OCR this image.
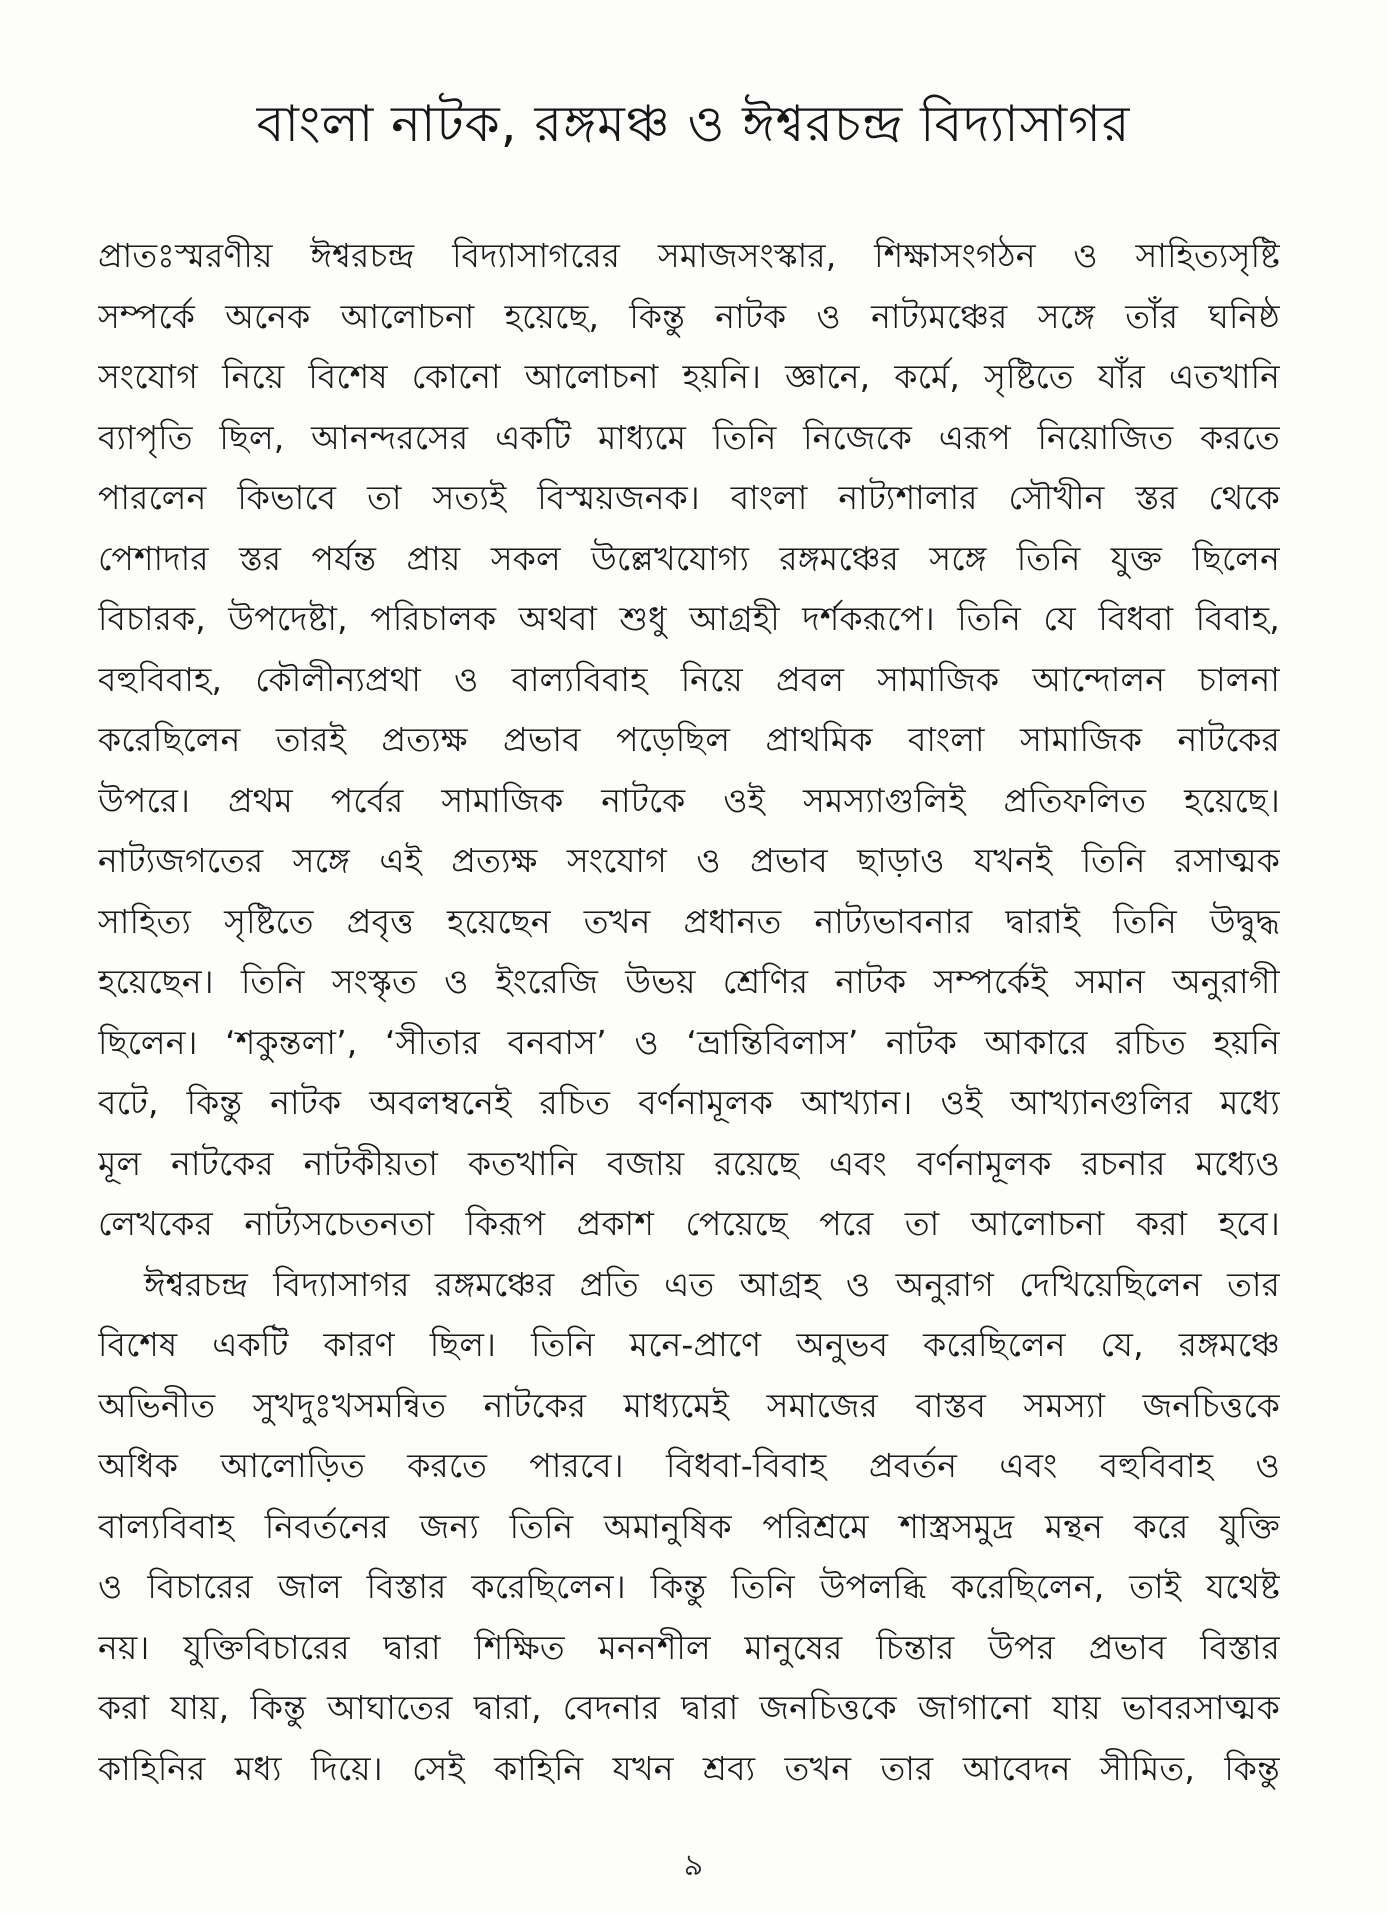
বাংলা নাটক, রঙ্গমঞ্চ ও ঈশ্বরচন্দ্র বিদ্যাসাগর
প্রাতঃস্মরণীয় ঈশ্বরচন্দ্র বিদ্যাসাগরের সমাজসংস্কার, শিক্ষাসংগঠন ও সাহিত্যসৃষ্টি
সম্পর্কে অনেক আলোচনা হয়েছে, কিন্তু নাটক ও নাট্যমঞ্চের সঙ্গে তাঁর ঘনিষ্ঠ
সংযোগ নিয়ে বিশেষ কোনো আলোচনা হয়নি। জ্ঞানে, কর্মে, সৃষ্টিতে যাঁর এতখানি
ব্যাপৃতি ছিল, আনন্দরসের একটি মাধ্যমে তিনি নিজেকে এরূপ নিয়োজিত করতে
পারলেন কিভাবে তা সত্যই বিস্ময়জনক। বাংলা নাট্যশালার সৌখীন স্তর থেকে
পেশাদার স্তর পর্যন্ত প্রায় সকল উল্লেখযোগ্য রঙ্গমঞ্চের সঙ্গে তিনি যুক্ত ছিলেন
বিচারক, উপদেষ্টা, পরিচালক অথবা শুধু আগ্রহী দর্শকরূপে। তিনি যে বিধবা বিবাহ,
বহুবিবাহ, কৌলীন্যপ্রথা ও বাল্যবিবাহ নিয়ে প্রবল সামাজিক আন্দোলন চালনা
করেছিলেন তারই প্রত্যক্ষ প্রভাব পড়েছিল প্রাথমিক বাংলা সামাজিক নাটকের
উপরে। প্রথম পর্বের সামাজিক নাটকে ওই সমস্যাগুলিই প্রতিফলিত হয়েছে।
নাট্যজগতের সঙ্গে এই প্রত্যক্ষ সংযোগ ও প্রভাব ছাড়াও যখনই তিনি রসাত্মক
সাহিত্য সৃষ্টিতে প্রবৃত্ত হয়েছেন তখন প্রধানত নাট্যভাবনার দ্বারাই তিনি উদ্বুদ্ধ
হয়েছেন। তিনি সংস্কৃত ও ইংরেজি উভয় শ্রেণির নাটক সম্পর্কেই সমান অনুরাগী
ছিলেন। ‘শকুন্তলা’, ‘সীতার বনবাস’ ও ‘ভ্রান্তিবিলাস’ নাটক আকারে রচিত হয়নি
বটে, কিন্তু নাটক অবলম্বনেই রচিত বর্ণনামূলক আখ্যান। ওই আখ্যানগুলির মধ্যে
মূল নাটকের নাটকীয়তা কতখানি বজায় রয়েছে এবং বর্ণনামূলক রচনার মধ্যেও
লেখকের নাট্যসচেতনতা কিরূপ প্রকাশ পেয়েছে পরে তা আলোচনা করা হবে।
ঈশ্বরচন্দ্র বিদ্যাসাগর রঙ্গমঞ্চের প্রতি এত আগ্রহ ও অনুরাগ দেখিয়েছিলেন তার
বিশেষ একটি কারণ ছিল। তিনি মনে-প্রাণে অনুভব করেছিলেন যে, রঙ্গমঞ্চে
অভিনীত সুখদুঃখসমন্বিত নাটকের মাধ্যমেই সমাজের বাস্তব সমস্যা জনচিত্তকে
অধিক আলোড়িত করতে পারবে। বিধবা-বিবাহ প্রবর্তন এবং বহুবিবাহ ও
বাল্যবিবাহ নিবর্তনের জন্য তিনি অমানুষিক পরিশ্রমে শাস্ত্রসমুদ্র মন্থন করে যুক্তি
ও বিচারের জাল বিস্তার করেছিলেন। কিন্তু তিনি উপলব্ধি করেছিলেন, তাই যথেষ্ট
নয়। যুক্তিবিচারের দ্বারা শিক্ষিত মননশীল মানুষের চিন্তার উপর প্রভাব বিস্তার
করা যায়, কিন্তু আঘাতের দ্বারা, বেদনার দ্বারা জনচিত্তকে জাগানো যায় ভাবরসাত্মক
কাহিনির মধ্য দিয়ে। সেই কাহিনি যখন শ্রব্য তখন তার আবেদন সীমিত, কিন্তু
৯
